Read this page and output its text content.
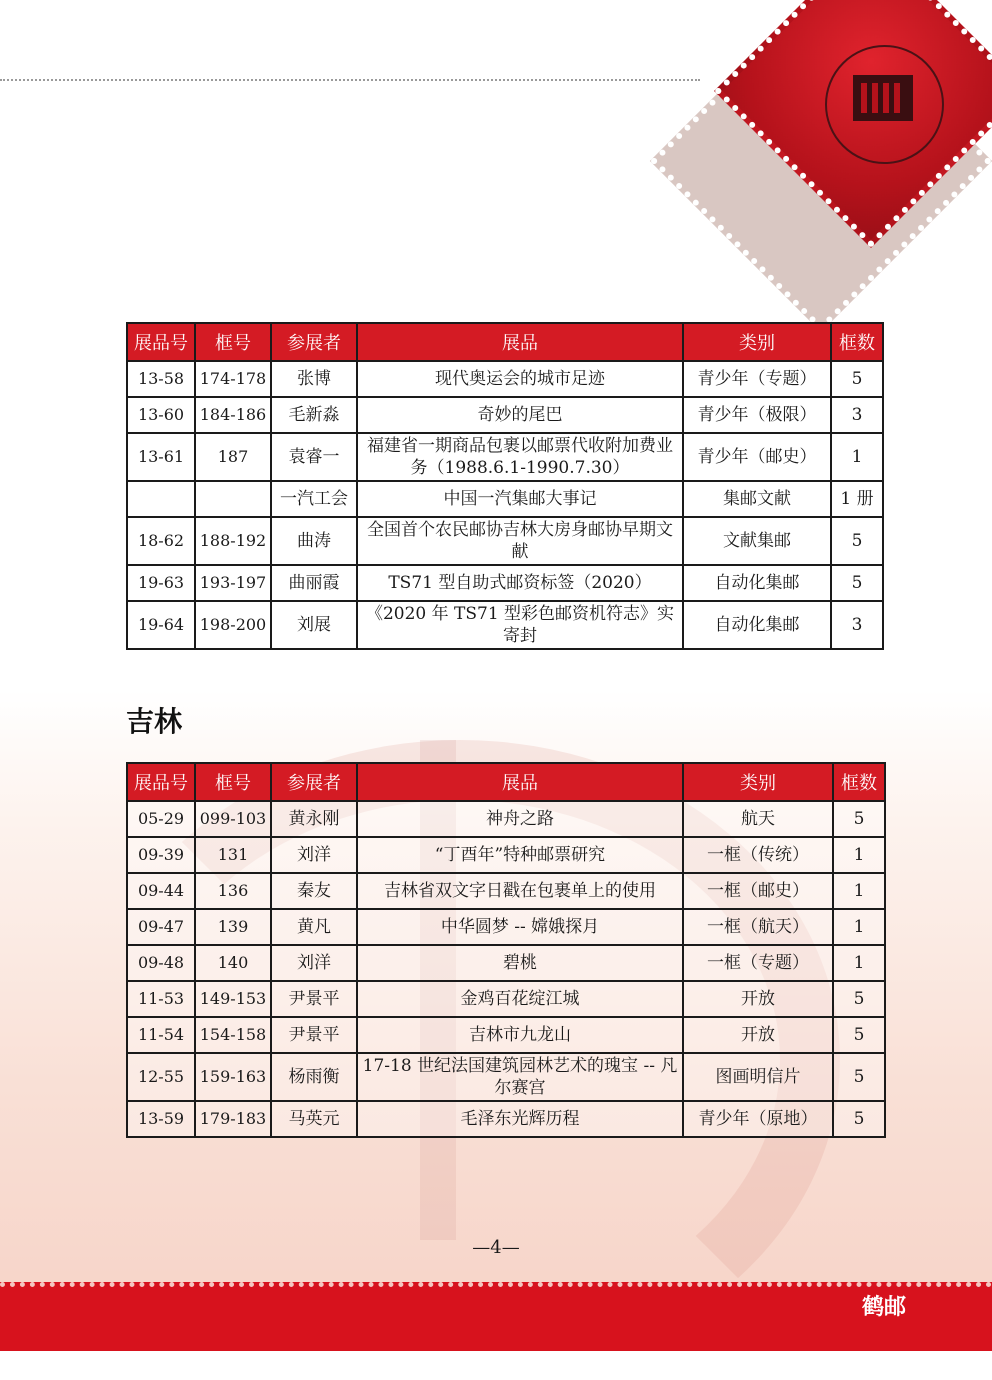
展品号	框号	参展者	展品	类别	框数
13-58	174-178	张博	现代奥运会的城市足迹	青少年（专题）	5
13-60	184-186	毛新淼	奇妙的尾巴	青少年（极限）	3
13-61	187	袁睿一	福建省一期商品包裹以邮票代收附加费业务（1988.6.1-1990.7.30）	青少年（邮史）	1
		一汽工会	中国一汽集邮大事记	集邮文献	1 册
18-62	188-192	曲涛	全国首个农民邮协吉林大房身邮协早期文献	文献集邮	5
19-63	193-197	曲丽霞	TS71 型自助式邮资标签（2020）	自动化集邮	5
19-64	198-200	刘展	《2020 年 TS71 型彩色邮资机符志》实寄封	自动化集邮	3
吉林
展品号	框号	参展者	展品	类别	框数
05-29	099-103	黄永刚	神舟之路	航天	5
09-39	131	刘洋	“丁酉年”特种邮票研究	一框（传统）	1
09-44	136	秦友	吉林省双文字日戳在包裹单上的使用	一框（邮史）	1
09-47	139	黄凡	中华圆梦 -- 嫦娥探月	一框（航天）	1
09-48	140	刘洋	碧桃	一框（专题）	1
11-53	149-153	尹景平	金鸡百花绽江城	开放	5
11-54	154-158	尹景平	吉林市九龙山	开放	5
12-55	159-163	杨雨衡	17-18 世纪法国建筑园林艺术的瑰宝 -- 凡尔赛宫	图画明信片	5
13-59	179-183	马英元	毛泽东光辉历程	青少年（原地）	5
—4—
鹤邮
